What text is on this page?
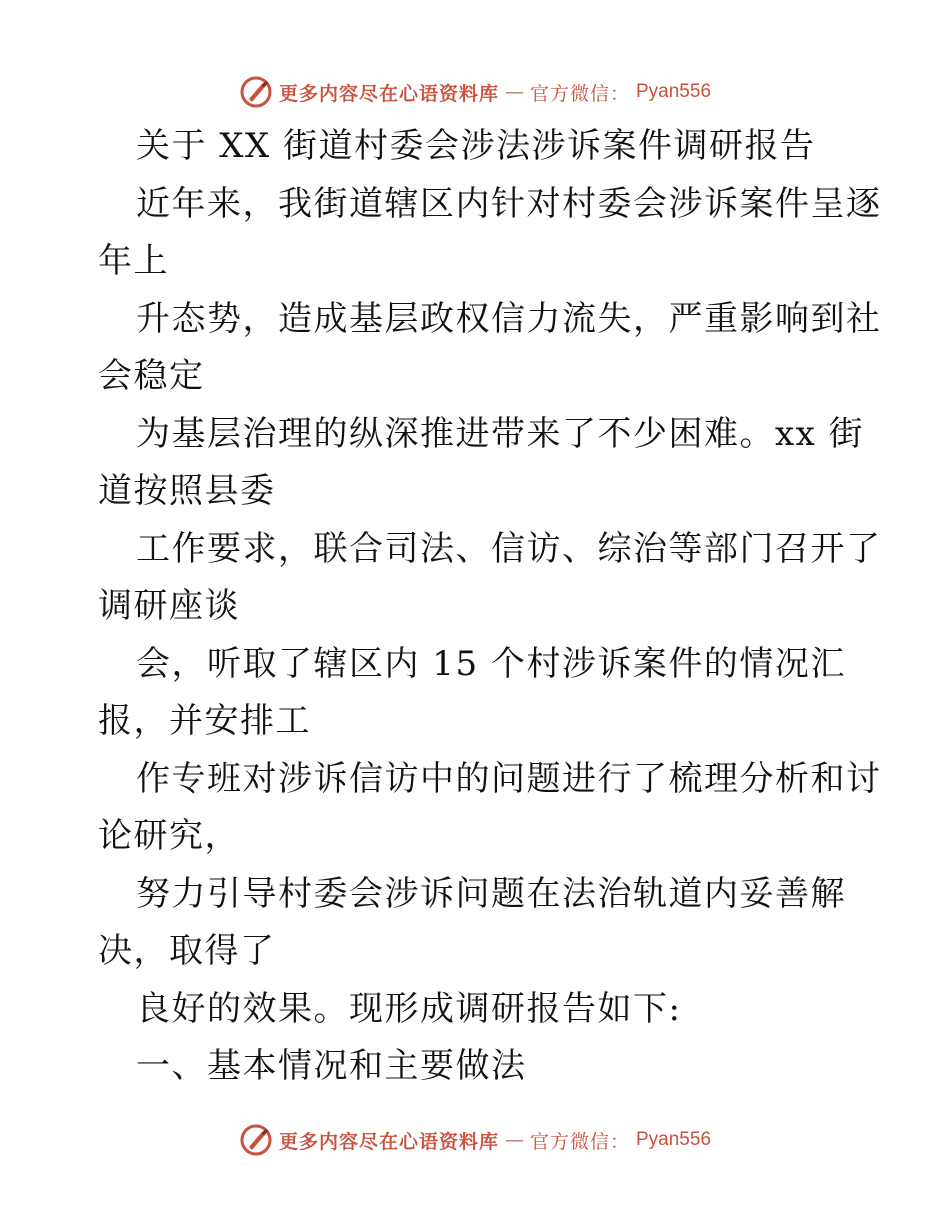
更多内容尽在心语资料库 — 官方微信： Pyan556
关于 XX 街道村委会涉法涉诉案件调研报告
近年来，我街道辖区内针对村委会涉诉案件呈逐
年上
升态势，造成基层政权信力流失，严重影响到社
会稳定
为基层治理的纵深推进带来了不少困难。xx 街
道按照县委
工作要求，联合司法、信访、综治等部门召开了
调研座谈
会，听取了辖区内 15 个村涉诉案件的情况汇
报，并安排工
作专班对涉诉信访中的问题进行了梳理分析和讨
论研究，
努力引导村委会涉诉问题在法治轨道内妥善解
决，取得了
良好的效果。现形成调研报告如下:
一、基本情况和主要做法
更多内容尽在心语资料库 — 官方微信： Pyan556
